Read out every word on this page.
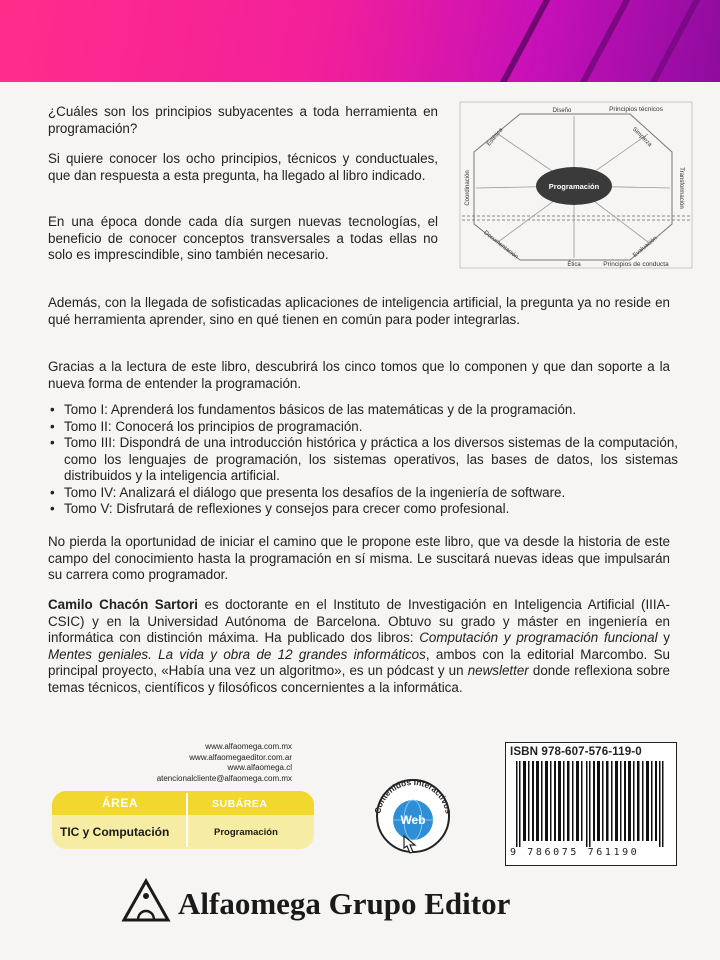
¿Cuáles son los principios subyacentes a toda herramienta en programación?

Si quiere conocer los ocho principios, técnicos y conductuales, que dan respuesta a esta pregunta, ha llegado al libro indicado.

En una época donde cada día surgen nuevas tecnologías, el beneficio de conocer conceptos transversales a todas ellas no solo es imprescindible, sino también necesario.

Programación
Principios técnicos
Principios de conducta
Diseño
Simpleza
Transformación
Evaluación
Ética
Documentación
Coordinación
Estética

Además, con la llegada de sofisticadas aplicaciones de inteligencia artificial, la pregunta ya no reside en qué herramienta aprender, sino en qué tienen en común para poder integrarlas.

Gracias a la lectura de este libro, descubrirá los cinco tomos que lo componen y que dan soporte a la nueva forma de entender la programación.

• Tomo I: Aprenderá los fundamentos básicos de las matemáticas y de la programación.
• Tomo II: Conocerá los principios de programación.
• Tomo III: Dispondrá de una introducción histórica y práctica a los diversos sistemas de la computación, como los lenguajes de programación, los sistemas operativos, las bases de datos, los sistemas distribuidos y la inteligencia artificial.
• Tomo IV: Analizará el diálogo que presenta los desafíos de la ingeniería de software.
• Tomo V: Disfrutará de reflexiones y consejos para crecer como profesional.

No pierda la oportunidad de iniciar el camino que le propone este libro, que va desde la historia de este campo del conocimiento hasta la programación en sí misma. Le suscitará nuevas ideas que impulsarán su carrera como programador.

Camilo Chacón Sartori es doctorante en el Instituto de Investigación en Inteligencia Artificial (IIIA-CSIC) y en la Universidad Autónoma de Barcelona. Obtuvo su grado y máster en ingeniería en informática con distinción máxima. Ha publicado dos libros: Computación y programación funcional y Mentes geniales. La vida y obra de 12 grandes informáticos, ambos con la editorial Marcombo. Su principal proyecto, «Había una vez un algoritmo», es un pódcast y un newsletter donde reflexiona sobre temas técnicos, científicos y filosóficos concernientes a la informática.

www.alfaomega.com.mx
www.alfaomegaeditor.com.ar
www.alfaomega.cl
atencionalcliente@alfaomega.com.mx
ÁREA	SUBÁREA
TIC y Computación	Programación
Contenidos Interactivos
Web
ISBN 978-607-576-119-0
9 786075 761190
Alfaomega Grupo Editor
